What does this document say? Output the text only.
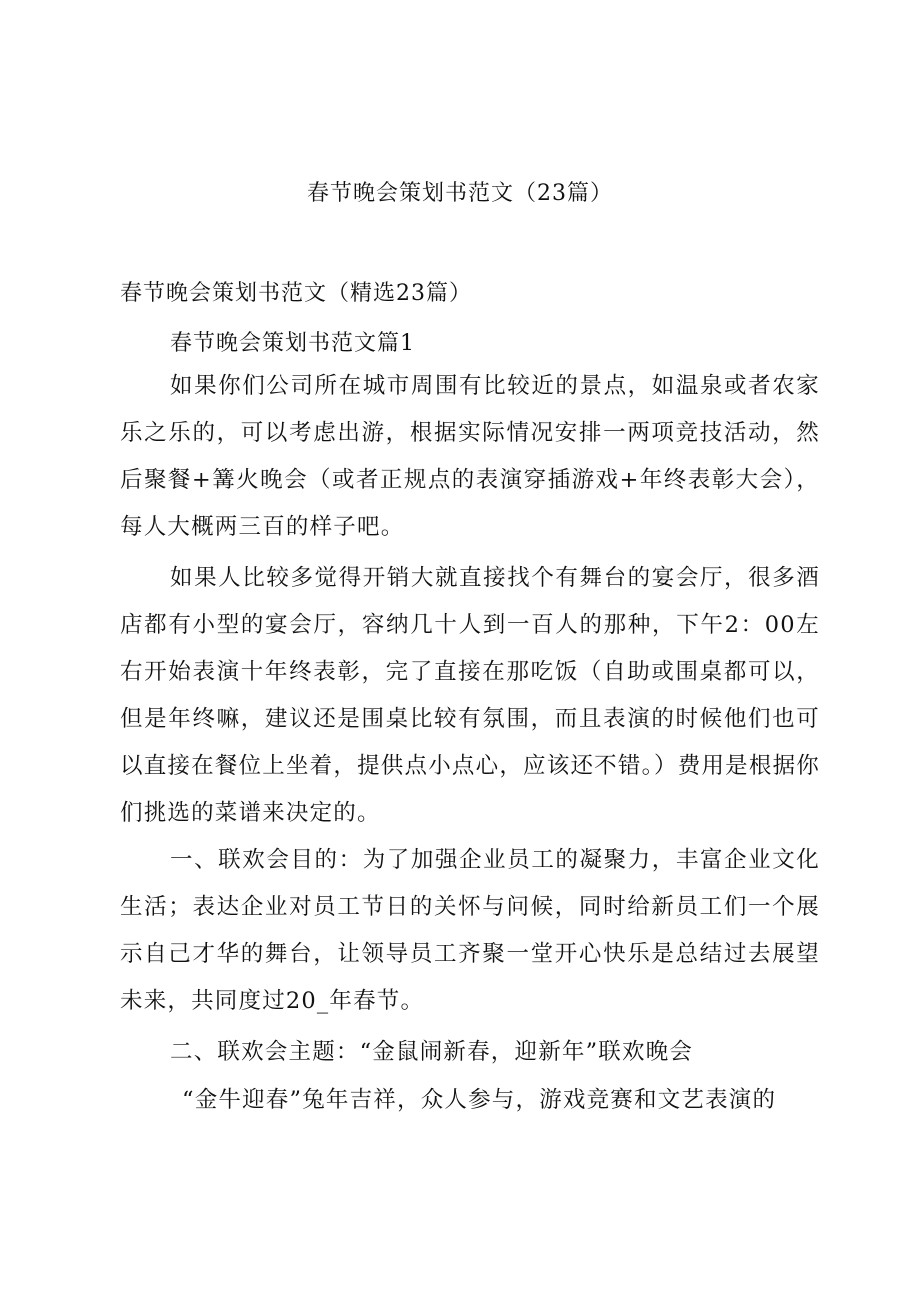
春节晚会策划书范文（23篇）

春节晚会策划书范文（精选23篇）

春节晚会策划书范文篇1

如果你们公司所在城市周围有比较近的景点，如温泉或者农家乐之乐的，可以考虑出游，根据实际情况安排一两项竞技活动，然后聚餐+篝火晚会（或者正规点的表演穿插游戏+年终表彰大会），每人大概两三百的样子吧。

如果人比较多觉得开销大就直接找个有舞台的宴会厅，很多酒店都有小型的宴会厅，容纳几十人到一百人的那种，下午2：00左右开始表演十年终表彰，完了直接在那吃饭（自助或围桌都可以，但是年终嘛，建议还是围桌比较有氛围，而且表演的时候他们也可以直接在餐位上坐着，提供点小点心，应该还不错。）费用是根据你们挑选的菜谱来决定的。

一、联欢会目的：为了加强企业员工的凝聚力，丰富企业文化生活；表达企业对员工节日的关怀与问候，同时给新员工们一个展示自己才华的舞台，让领导员工齐聚一堂开心快乐是总结过去展望未来，共同度过20_年春节。

二、联欢会主题：“金鼠闹新春，迎新年”联欢晚会

“金牛迎春”兔年吉祥，众人参与，游戏竞赛和文艺表演的
